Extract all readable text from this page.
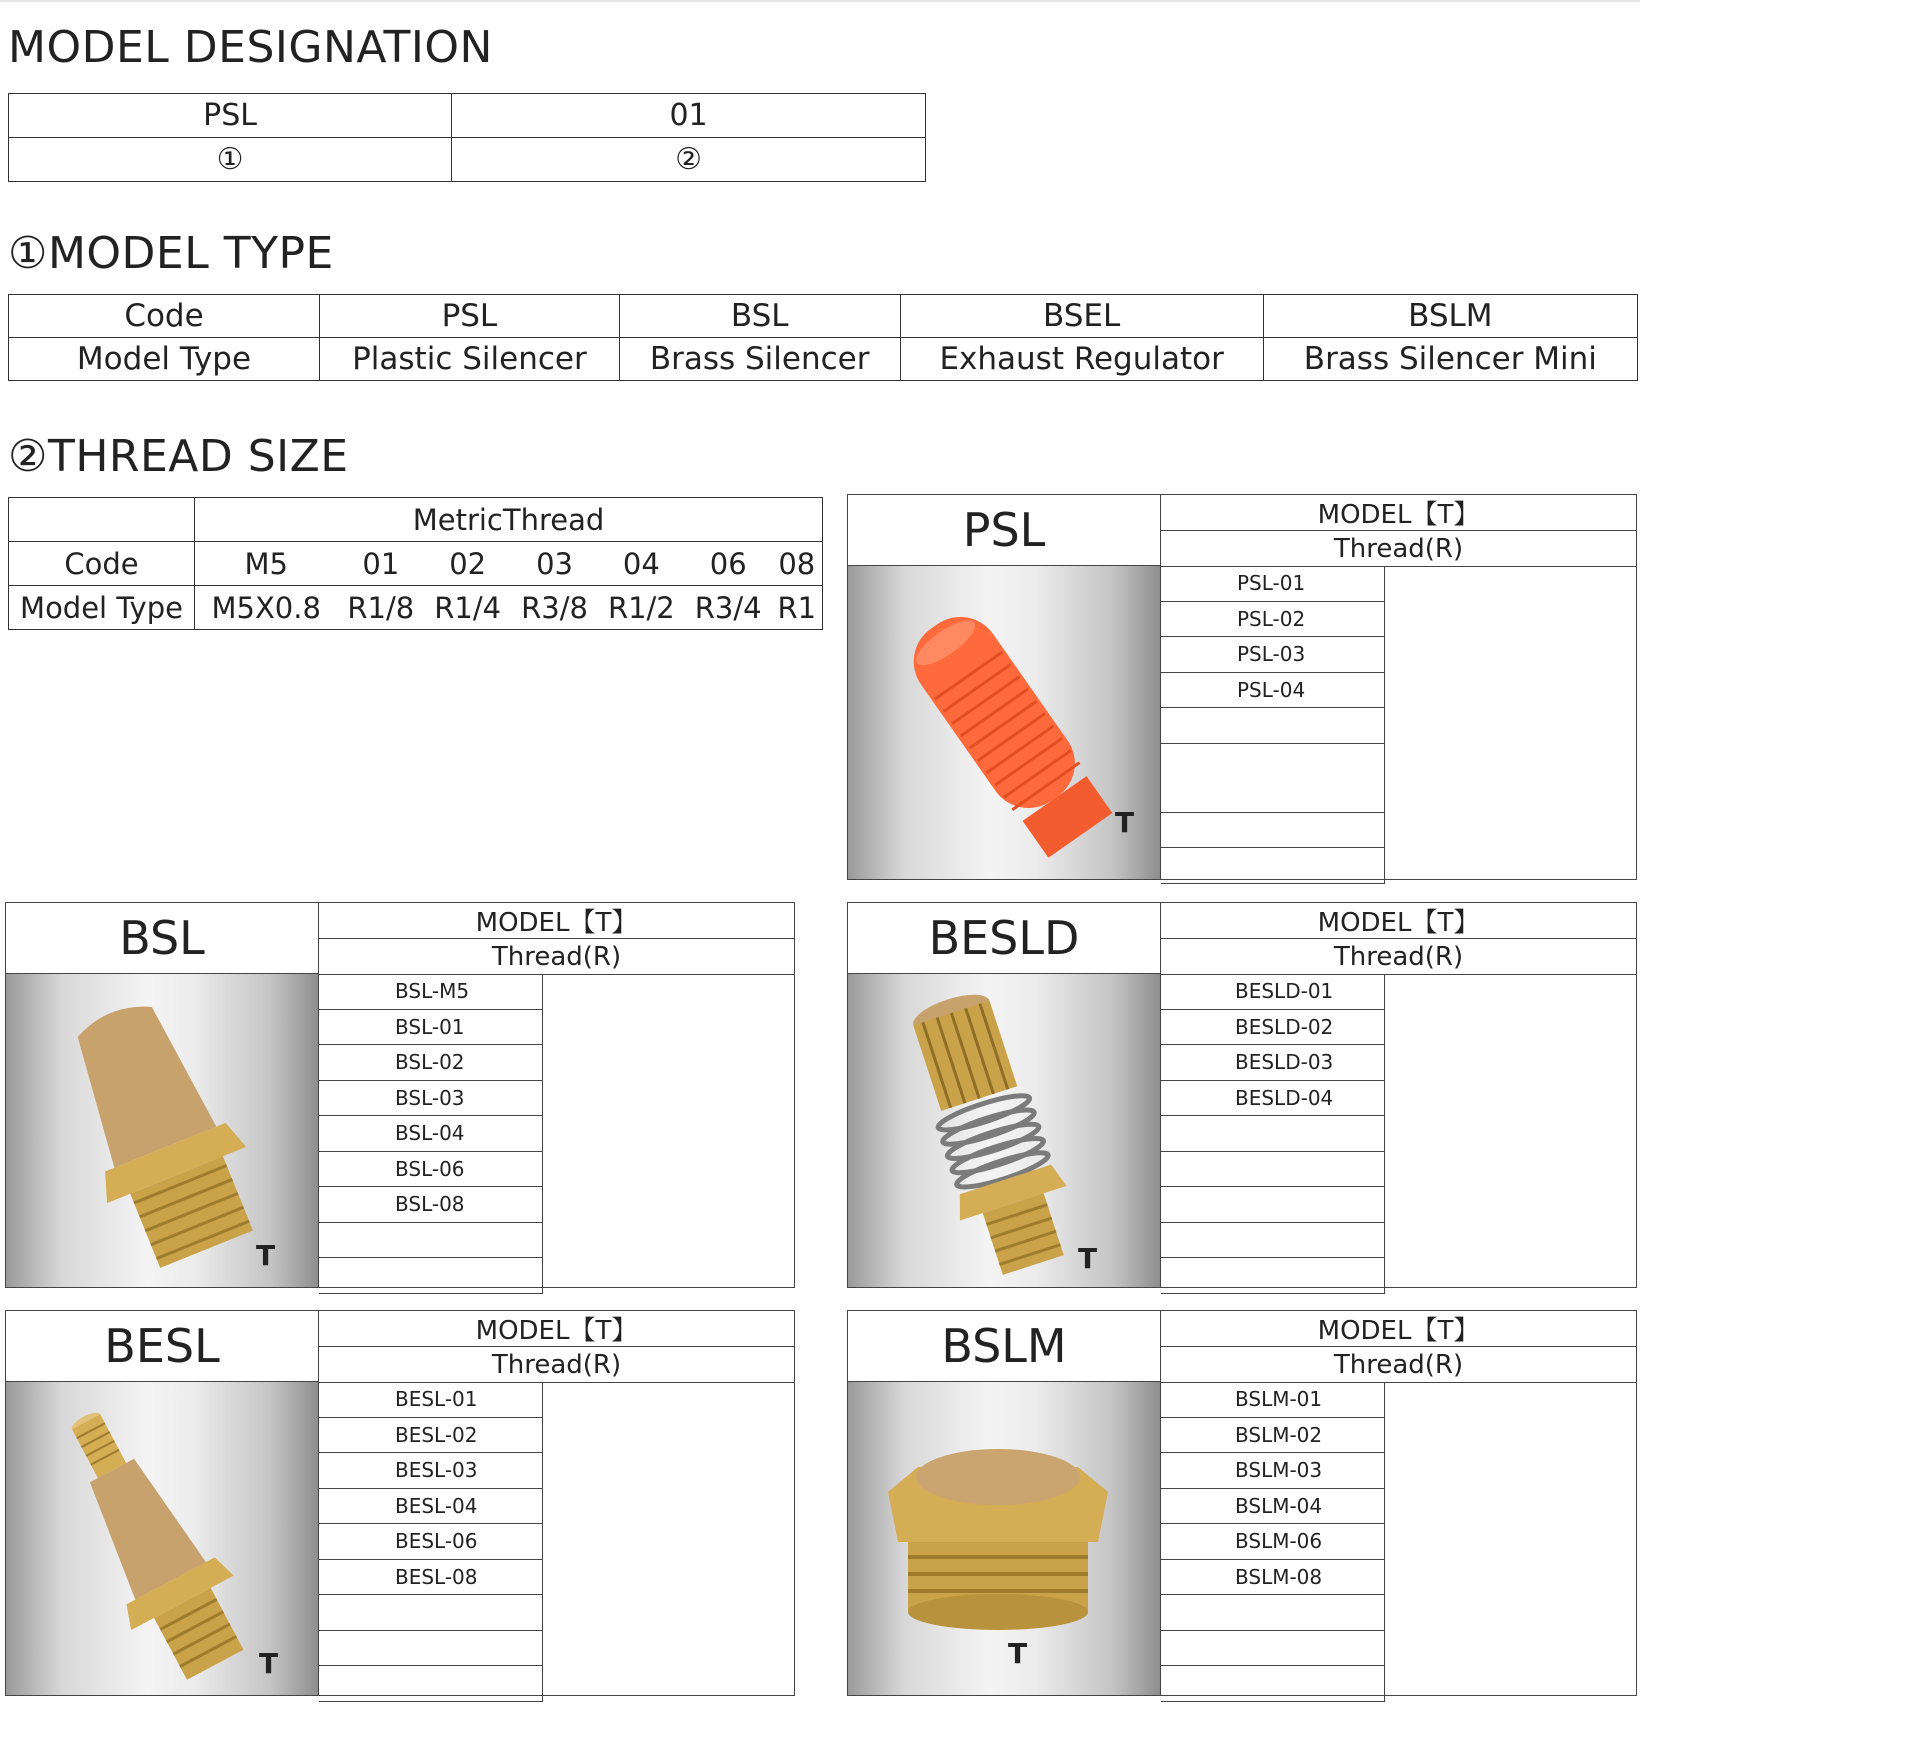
MODEL DESIGNATION
PSL	01
①	②
①MODEL TYPE
Code	PSL	BSL	BSEL	BSLM
Model Type	Plastic Silencer	Brass Silencer	Exhaust Regulator	Brass Silencer Mini
②THREAD SIZE
	MetricThread						
Code	M5	01	02	03	04	06	08
Model Type	M5X0.8	R1/8	R1/4	R3/8	R1/2	R3/4	R1
PSL	MODEL【T】
Thread(R)
T
PSL-01	
PSL-02	
PSL-03	
PSL-04	

BSL	MODEL【T】
Thread(R)
T
BSL-M5	
BSL-01	
BSL-02	
BSL-03	
BSL-04	
BSL-06	
BSL-08	

BESLD	MODEL【T】
Thread(R)
T
BESLD-01	
BESLD-02	
BESLD-03	
BESLD-04	

BESL	MODEL【T】
Thread(R)
T
BESL-01	
BESL-02	
BESL-03	
BESL-04	
BESL-06	
BESL-08	

BSLM	MODEL【T】
Thread(R)
T
BSLM-01	
BSLM-02	
BSLM-03	
BSLM-04	
BSLM-06	
BSLM-08	
